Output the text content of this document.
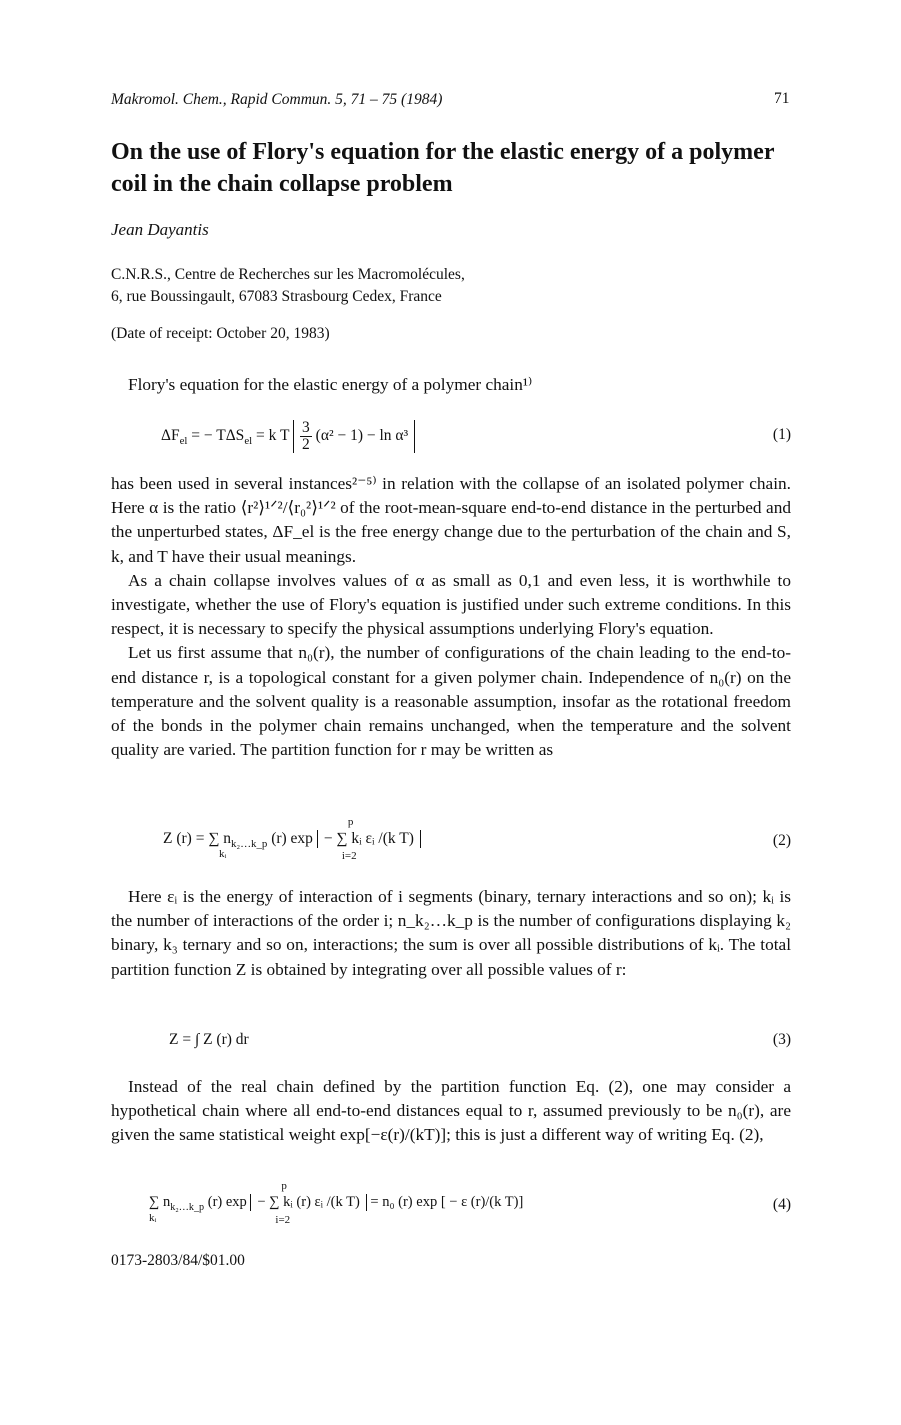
Makromol. Chem., Rapid Commun. 5, 71 – 75 (1984)	71
On the use of Flory's equation for the elastic energy of a polymer coil in the chain collapse problem
Jean Dayantis
C.N.R.S., Centre de Recherches sur les Macromolécules,
6, rue Boussingault, 67083 Strasbourg Cedex, France
(Date of receipt: October 20, 1983)

Flory's equation for the elastic energy of a polymer chain¹⁾

$\Delta F_{el}$ = − $T\Delta S_{el} = k$ T $\frac{3}{2} (\alpha^2 - 1) - \ln \alpha^3$	(1)

has been used in several instances²⁻⁵⁾ in relation with the collapse of an isolated polymer chain. Here α is the ratio ⟨r²⟩¹ᐟ²/⟨r₀²⟩¹ᐟ² of the root-mean-square end-to-end distance in the perturbed and the unperturbed states, ΔF_el is the free energy change due to the perturbation of the chain and S, k, and T have their usual meanings.

As a chain collapse involves values of α as small as 0,1 and even less, it is worthwhile to investigate, whether the use of Flory's equation is justified under such extreme conditions. In this respect, it is necessary to specify the physical assumptions underlying Flory's equation.

Let us first assume that n₀(r), the number of configurations of the chain leading to the end-to-end distance r, is a topological constant for a given polymer chain. Independence of n₀(r) on the temperature and the solvent quality is a reasonable assumption, insofar as the rotational freedom of the bonds in the polymer chain remains unchanged, when the temperature and the solvent quality are varied. The partition function for r may be written as

Z (r) = ∑ $n_{k_2\dots k\_p}$ (r) exp
p
− ∑ kᵢ εᵢ /(k T)
i=2
kᵢ
(2)

Here εᵢ is the energy of interaction of i segments (binary, ternary interactions and so on); kᵢ is the number of interactions of the order i; n_k₂…k_p is the number of configurations displaying k₂ binary, k₃ ternary and so on, interactions; the sum is over all possible distributions of kᵢ. The total partition function Z is obtained by integrating over all possible values of r:

Z = ∫ Z (r) dr	(3)

Instead of the real chain defined by the partition function Eq. (2), one may consider a hypothetical chain where all end-to-end distances equal to r, assumed previously to be n₀(r), are given the same statistical weight exp[−ε(r)/(kT)]; this is just a different way of writing Eq. (2),

∑ $n_{k_2\dots k\_p}$ (r) exp
p
− ∑ kᵢ (r) εᵢ /(k T)
i=2
= n₀ (r) exp [ − ε (r)/(k T)]
kᵢ
(4)
0173-2803/84/$01.00
